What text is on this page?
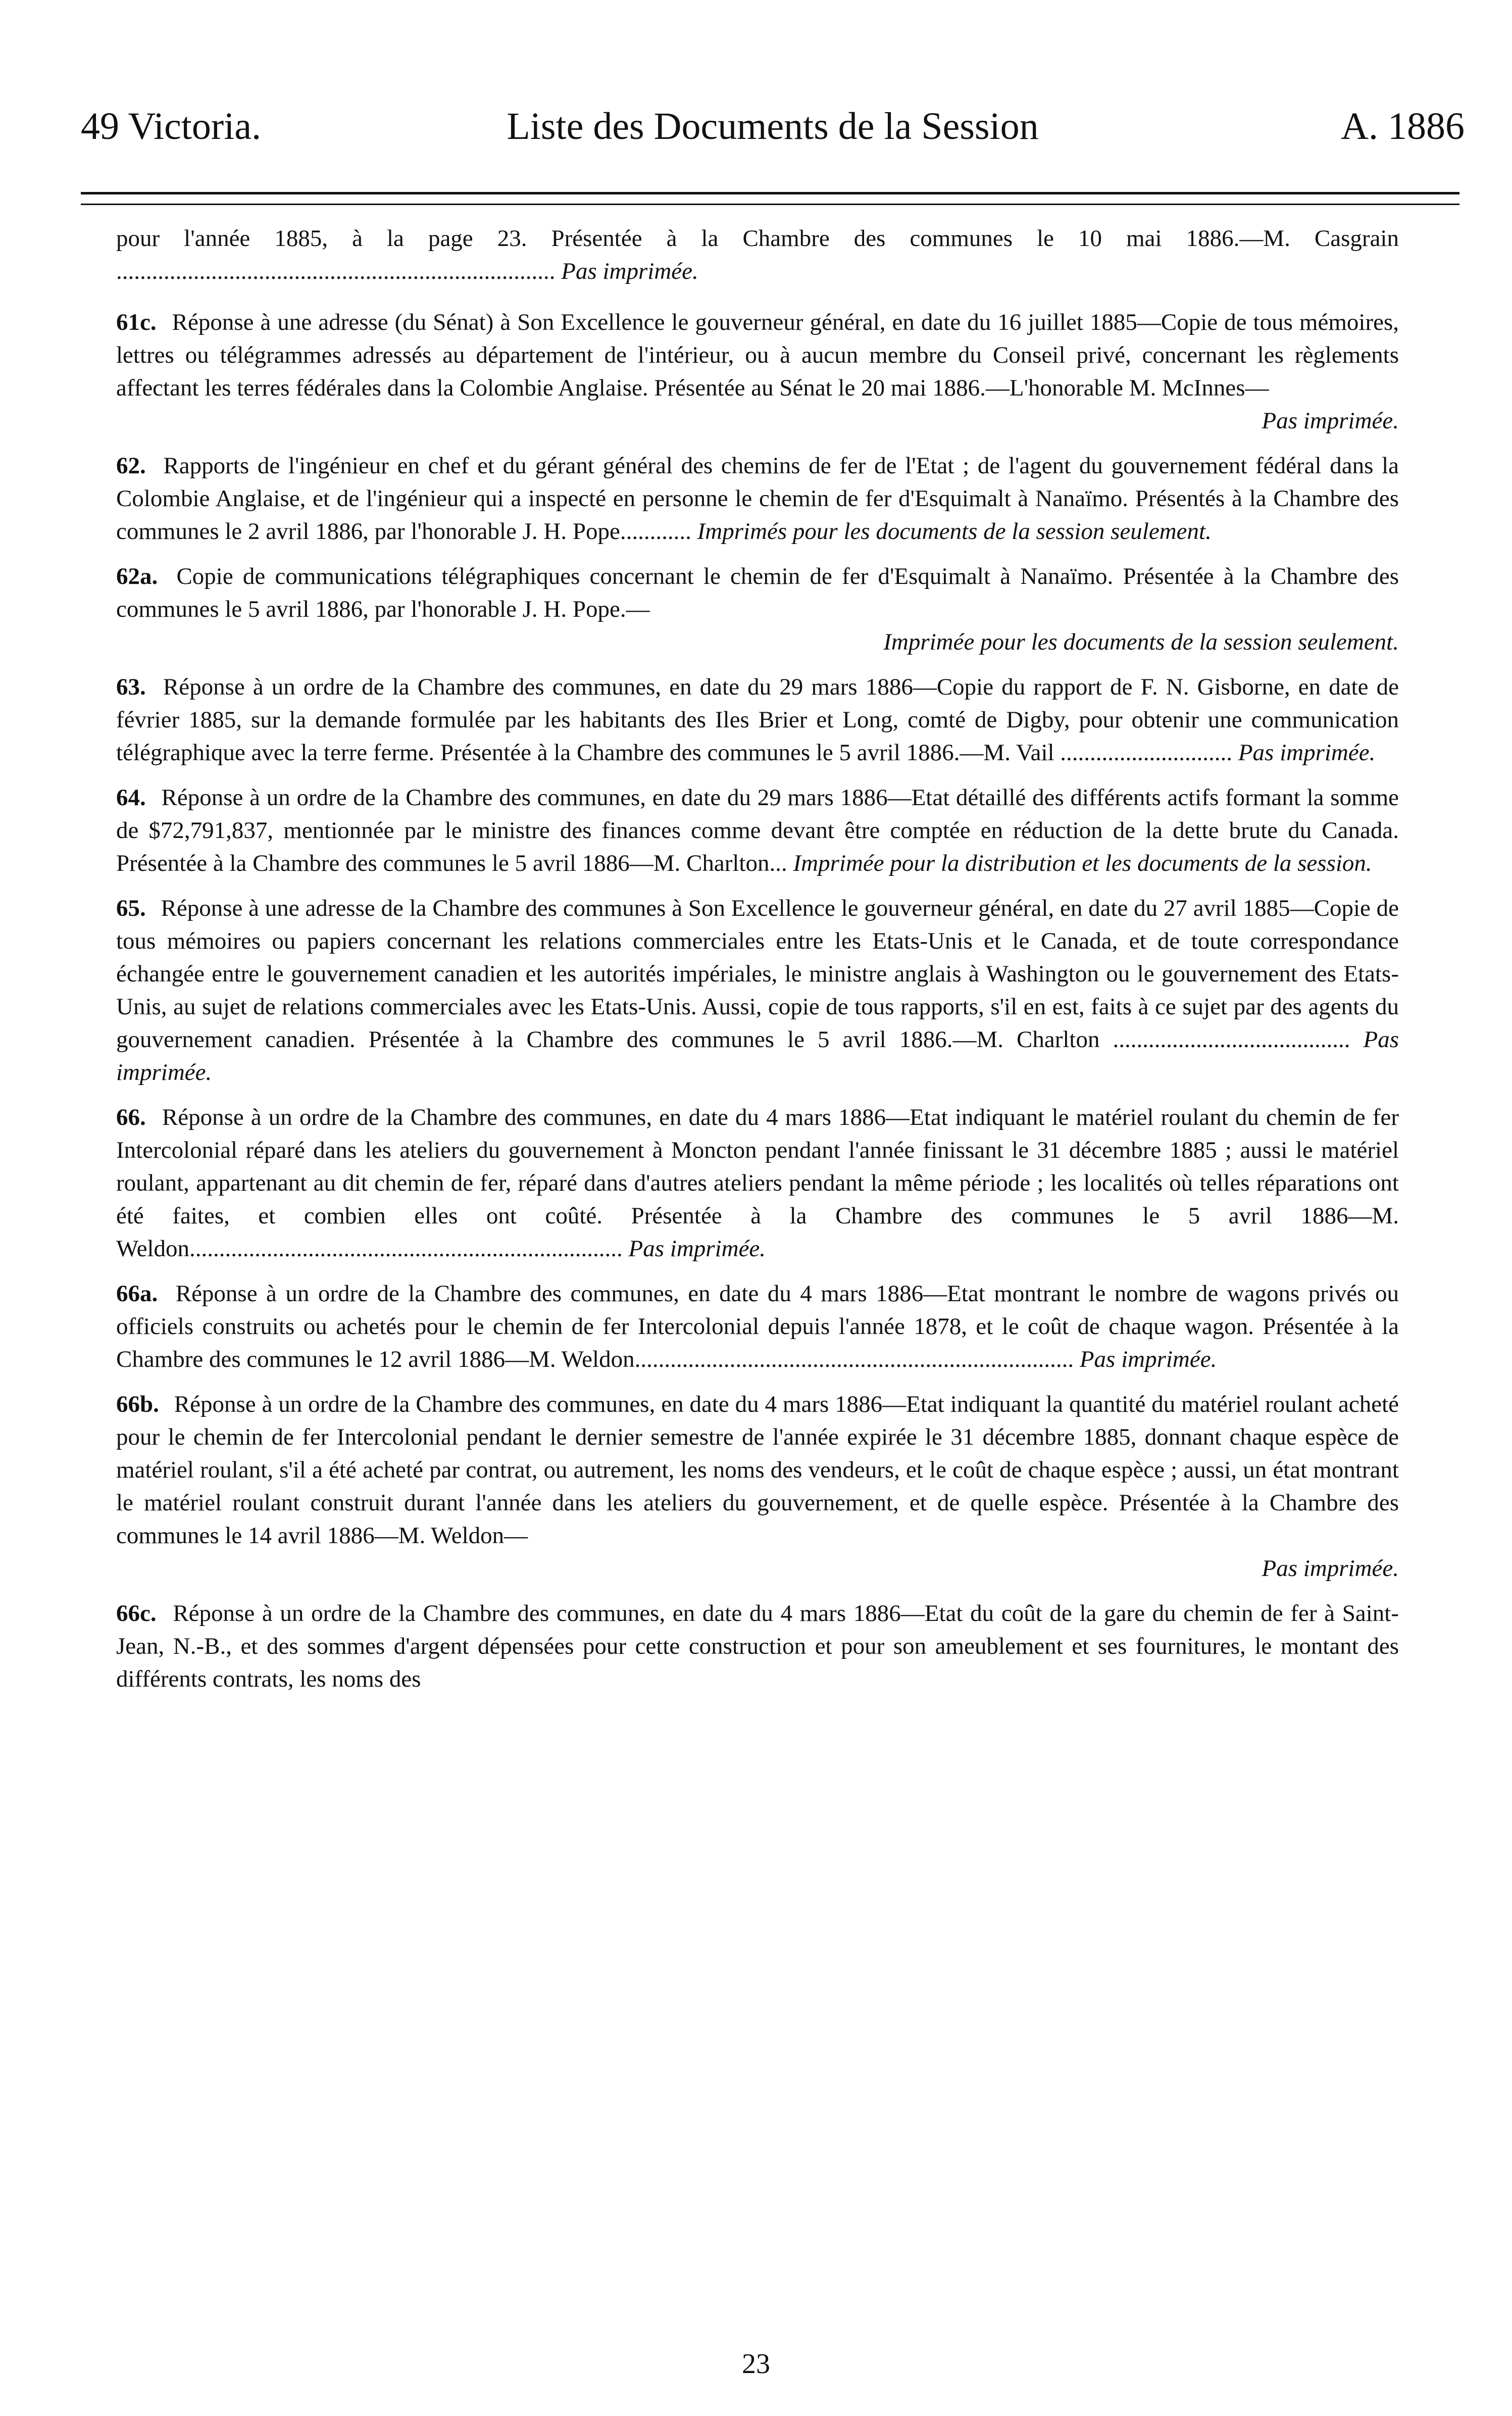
49 Victoria.	Liste des Documents de la Session	A. 1886
pour l'année 1885, à la page 23. Présentée à la Chambre des communes le 10 mai 1886.—M. Casgrain .......................................................................... Pas imprimée.
61c. Réponse à une adresse (du Sénat) à Son Excellence le gouverneur général, en date du 16 juillet 1885—Copie de tous mémoires, lettres ou télégrammes adressés au département de l'intérieur, ou à aucun membre du Conseil privé, concernant les règlements affectant les terres fédérales dans la Colombie Anglaise. Présentée au Sénat le 20 mai 1886.—L'honorable M. McInnes—
Pas imprimée.
62. Rapports de l'ingénieur en chef et du gérant général des chemins de fer de l'Etat ; de l'agent du gouvernement fédéral dans la Colombie Anglaise, et de l'ingénieur qui a inspecté en personne le chemin de fer d'Esquimalt à Nanaïmo. Présentés à la Chambre des communes le 2 avril 1886, par l'honorable J. H. Pope............ Imprimés pour les documents de la session seulement.
62a. Copie de communications télégraphiques concernant le chemin de fer d'Esquimalt à Nanaïmo. Présentée à la Chambre des communes le 5 avril 1886, par l'honorable J. H. Pope.—
Imprimée pour les documents de la session seulement.
63. Réponse à un ordre de la Chambre des communes, en date du 29 mars 1886—Copie du rapport de F. N. Gisborne, en date de février 1885, sur la demande formulée par les habitants des Iles Brier et Long, comté de Digby, pour obtenir une communication télégraphique avec la terre ferme. Présentée à la Chambre des communes le 5 avril 1886.—M. Vail ............................. Pas imprimée.
64. Réponse à un ordre de la Chambre des communes, en date du 29 mars 1886—Etat détaillé des différents actifs formant la somme de $72,791,837, mentionnée par le ministre des finances comme devant être comptée en réduction de la dette brute du Canada. Présentée à la Chambre des communes le 5 avril 1886—M. Charlton... Imprimée pour la distribution et les documents de la session.
65. Réponse à une adresse de la Chambre des communes à Son Excellence le gouverneur général, en date du 27 avril 1885—Copie de tous mémoires ou papiers concernant les relations commerciales entre les Etats-Unis et le Canada, et de toute correspondance échangée entre le gouvernement canadien et les autorités impériales, le ministre anglais à Washington ou le gouvernement des Etats-Unis, au sujet de relations commerciales avec les Etats-Unis. Aussi, copie de tous rapports, s'il en est, faits à ce sujet par des agents du gouvernement canadien. Présentée à la Chambre des communes le 5 avril 1886.—M. Charlton ........................................ Pas imprimée.
66. Réponse à un ordre de la Chambre des communes, en date du 4 mars 1886—Etat indiquant le matériel roulant du chemin de fer Intercolonial réparé dans les ateliers du gouvernement à Moncton pendant l'année finissant le 31 décembre 1885 ; aussi le matériel roulant, appartenant au dit chemin de fer, réparé dans d'autres ateliers pendant la même période ; les localités où telles réparations ont été faites, et combien elles ont coûté. Présentée à la Chambre des communes le 5 avril 1886—M. Weldon......................................................................... Pas imprimée.
66a. Réponse à un ordre de la Chambre des communes, en date du 4 mars 1886—Etat montrant le nombre de wagons privés ou officiels construits ou achetés pour le chemin de fer Intercolonial depuis l'année 1878, et le coût de chaque wagon. Présentée à la Chambre des communes le 12 avril 1886—M. Weldon.......................................................................... Pas imprimée.
66b. Réponse à un ordre de la Chambre des communes, en date du 4 mars 1886—Etat indiquant la quantité du matériel roulant acheté pour le chemin de fer Intercolonial pendant le dernier semestre de l'année expirée le 31 décembre 1885, donnant chaque espèce de matériel roulant, s'il a été acheté par contrat, ou autrement, les noms des vendeurs, et le coût de chaque espèce ; aussi, un état montrant le matériel roulant construit durant l'année dans les ateliers du gouvernement, et de quelle espèce. Présentée à la Chambre des communes le 14 avril 1886—M. Weldon—
Pas imprimée.
66c. Réponse à un ordre de la Chambre des communes, en date du 4 mars 1886—Etat du coût de la gare du chemin de fer à Saint-Jean, N.-B., et des sommes d'argent dépensées pour cette construction et pour son ameublement et ses fournitures, le montant des différents contrats, les noms des
23
